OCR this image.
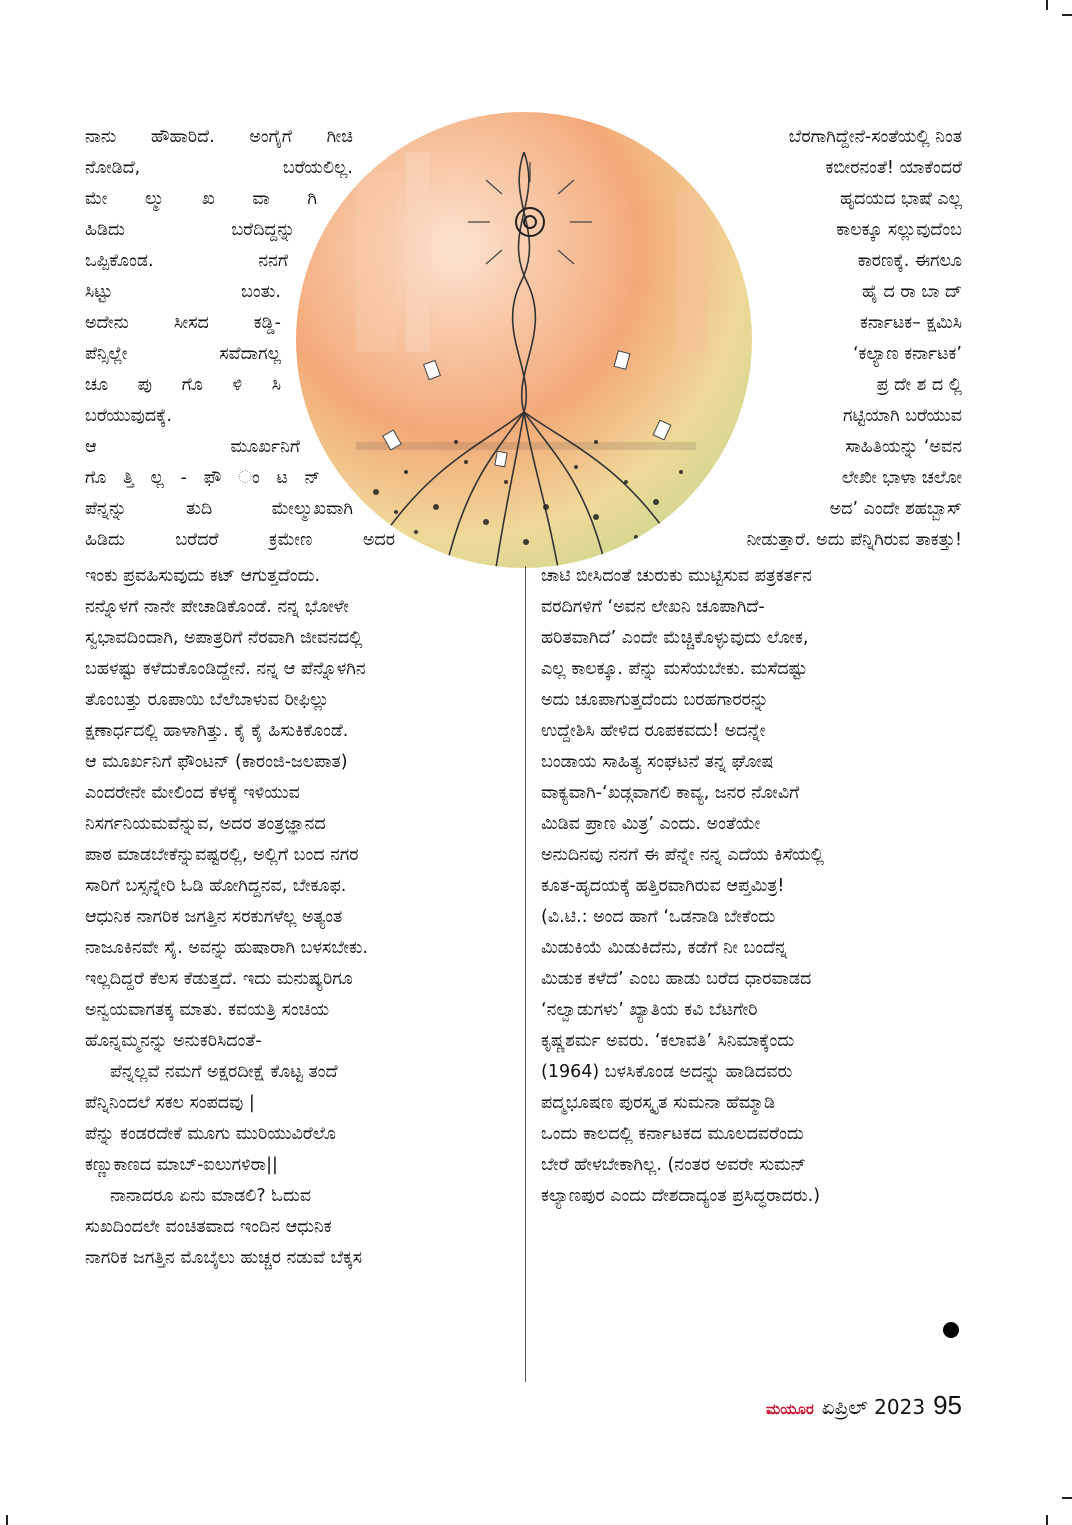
ನಾನು ಹೌಹಾರಿದೆ. ಅಂಗೈಗೆ ಗೀಚಿ
ನೋಡಿದೆ,	ಬರೆಯಲಿಲ್ಲ.
ಮೇ ಲ್ಮು ಖ ವಾ ಗಿ
ಹಿಡಿದು	ಬರೆದಿದ್ದನ್ನು
ಒಪ್ಪಿಕೊಂಡ.	ನನಗೆ
ಸಿಟ್ಟು	ಬಂತು.
ಅದೇನು	ಸೀಸದ	ಕಡ್ಡಿ-
ಪೆನ್ಸಿಲ್ಲೇ	ಸವೆದಾಗಲ್ಲ
ಚೂ ಪು ಗೊ ಳಿ ಸಿ
ಬರೆಯುವುದಕ್ಕೆ.
ಆ	ಮೂರ್ಖನಿಗೆ
ಗೊ ತ್ತಿ ಲ್ಲ - ಫೌ ಂ ಟ ನ್
ಪೆನ್ನನ್ನು	ತುದಿ	ಮೇಲ್ಮುಖವಾಗಿ
ಹಿಡಿದು	ಬರೆದರೆ	ಕ್ರಮೇಣ	ಅದರ
ಇಂಕು ಪ್ರವಹಿಸುವುದು ಕಟ್ ಆಗುತ್ತದೆಂದು.
ನನ್ನೊಳಗೆ ನಾನೇ ಪೇಚಾಡಿಕೊಂಡೆ. ನನ್ನ ಭೋಳೇ
ಸ್ವಭಾವದಿಂದಾಗಿ, ಅಪಾತ್ರರಿಗೆ ನೆರವಾಗಿ ಜೀವನದಲ್ಲಿ
ಬಹಳಷ್ಟು ಕಳೆದುಕೊಂಡಿದ್ದೇನೆ. ನನ್ನ ಆ ಪೆನ್ನೊಳಗಿನ
ತೊಂಬತ್ತು ರೂಪಾಯಿ ಬೆಲೆಬಾಳುವ ರೀಫಿಲ್ಲು
ಕ್ಷಣಾರ್ಧದಲ್ಲಿ ಹಾಳಾಗಿತ್ತು. ಕೈ ಕೈ ಹಿಸುಕಿಕೊಂಡೆ.
ಆ ಮೂರ್ಖನಿಗೆ ಫೌಂಟನ್ (ಕಾರಂಜಿ-ಜಲಪಾತ)
ಎಂದರೇನೇ ಮೇಲಿಂದ ಕೆಳಕ್ಕೆ ಇಳಿಯುವ
ನಿಸರ್ಗನಿಯಮವೆನ್ನುವ, ಅದರ ತಂತ್ರಜ್ಞಾನದ
ಪಾಠ ಮಾಡಬೇಕೆನ್ನುವಷ್ಟರಲ್ಲಿ, ಅಲ್ಲಿಗೆ ಬಂದ ನಗರ
ಸಾರಿಗೆ ಬಸ್ಸನ್ನೇರಿ ಓಡಿ ಹೋಗಿದ್ದನವ, ಬೇಕೂಫ.
ಆಧುನಿಕ ನಾಗರಿಕ ಜಗತ್ತಿನ ಸರಕುಗಳೆಲ್ಲ ಅತ್ಯಂತ
ನಾಜೂಕಿನವೇ ಸೈ. ಅವನ್ನು ಹುಷಾರಾಗಿ ಬಳಸಬೇಕು.
ಇಲ್ಲದಿದ್ದರೆ ಕೆಲಸ ಕೆಡುತ್ತದೆ. ಇದು ಮನುಷ್ಯರಿಗೂ
ಅನ್ವಯವಾಗತಕ್ಕ ಮಾತು. ಕವಯತ್ರಿ ಸಂಚಿಯ
ಹೊನ್ನಮ್ಮನನ್ನು ಅನುಕರಿಸಿದಂತೆ-
ಪೆನ್ನಲ್ಲವೆ ನಮಗೆ ಅಕ್ಷರದೀಕ್ಷೆ ಕೊಟ್ಟ ತಂದೆ
ಪೆನ್ನಿನಿಂದಲೆ ಸಕಲ ಸಂಪದವು |
ಪೆನ್ನು ಕಂಡರದೇಕೆ ಮೂಗು ಮುರಿಯುವಿರೆಲೊ
ಕಣ್ಣುಕಾಣದ ಮಾಬ್-ಐಲುಗಳಿರಾ||
ನಾನಾದರೂ ಏನು ಮಾಡಲಿ? ಓದುವ
ಸುಖದಿಂದಲೇ ವಂಚಿತವಾದ ಇಂದಿನ ಆಧುನಿಕ
ನಾಗರಿಕ ಜಗತ್ತಿನ ಮೊಬೈಲು ಹುಚ್ಚರ ನಡುವೆ ಬೆಕ್ಕಸ
ಬೆರಗಾಗಿದ್ದೇನೆ-ಸಂತೆಯಲ್ಲಿ ನಿಂತ
ಕಬೀರನಂತೆ! ಯಾಕೆಂದರೆ
ಹೃದಯದ ಭಾಷೆ ಎಲ್ಲ
ಕಾಲಕ್ಕೂ ಸಲ್ಲುವುದೆಂಬ
ಕಾರಣಕ್ಕೆ. ಈಗಲೂ
ಹೈ ದ ರಾ ಬಾ ದ್
ಕರ್ನಾಟಕ– ಕ್ಷಮಿಸಿ
‘ಕಲ್ಯಾಣ ಕರ್ನಾಟಕ’
ಪ್ರ ದೇ ಶ ದ ಲ್ಲಿ
ಗಟ್ಟಿಯಾಗಿ ಬರೆಯುವ
ಸಾಹಿತಿಯನ್ನು ‘ಅವನ
ಲೇಖೀ ಭಾಳಾ ಚಲೋ
ಅದ’ ಎಂದೇ ಶಹಬ್ಬಾಸ್
ನೀಡುತ್ತಾರೆ. ಅದು ಪೆನ್ನಿಗಿರುವ ತಾಕತ್ತು!
ಚಾಟಿ ಬೀಸಿದಂತೆ ಚುರುಕು ಮುಟ್ಟಿಸುವ ಪತ್ರಕರ್ತನ
ವರದಿಗಳಿಗೆ ‘ಅವನ ಲೇಖನಿ ಚೂಪಾಗಿದೆ-
ಹರಿತವಾಗಿದೆ’ ಎಂದೇ ಮೆಚ್ಚಿಕೊಳ್ಳುವುದು ಲೋಕ,
ಎಲ್ಲ ಕಾಲಕ್ಕೂ. ಪೆನ್ನು ಮಸೆಯಬೇಕು. ಮಸೆದಷ್ಟು
ಅದು ಚೂಪಾಗುತ್ತದೆಂದು ಬರಹಗಾರರನ್ನು
ಉದ್ದೇಶಿಸಿ ಹೇಳಿದ ರೂಪಕವದು! ಅದನ್ನೇ
ಬಂಡಾಯ ಸಾಹಿತ್ಯ ಸಂಘಟನೆ ತನ್ನ ಘೋಷ
ವಾಕ್ಯವಾಗಿ-‘ಖಡ್ಗವಾಗಲಿ ಕಾವ್ಯ, ಜನರ ನೋವಿಗೆ
ಮಿಡಿವ ಪ್ರಾಣ ಮಿತ್ರ’ ಎಂದು. ಅಂತೆಯೇ
ಅನುದಿನವು ನನಗೆ ಈ ಪೆನ್ನೇ ನನ್ನ ಎದೆಯ ಕಿಸೆಯಲ್ಲಿ
ಕೂತ-ಹೃದಯಕ್ಕೆ ಹತ್ತಿರವಾಗಿರುವ ಆಪ್ತಮಿತ್ರ!
(ವಿ.ಟಿ.: ಅಂದ ಹಾಗೆ ‘ಒಡನಾಡಿ ಬೇಕೆಂದು
ಮಿಡುಕಿಯೆ ಮಿಡುಕಿದೆನು, ಕಡೆಗೆ ನೀ ಬಂದೆನ್ನ
ಮಿಡುಕ ಕಳೆದೆ’ ಎಂಬ ಹಾಡು ಬರೆದ ಧಾರವಾಡದ
‘ನಲ್ವಾಡುಗಳು’ ಖ್ಯಾತಿಯ ಕವಿ ಬೆಟಗೇರಿ
ಕೃಷ್ಣಶರ್ಮ ಅವರು. ‘ಕಲಾವತಿ’ ಸಿನಿಮಾಕ್ಕೆಂದು
(1964) ಬಳಸಿಕೊಂಡ ಅದನ್ನು ಹಾಡಿದವರು
ಪದ್ಮಭೂಷಣ ಪುರಸ್ಕೃತ ಸುಮನಾ ಹೆಮ್ಮಾಡಿ
ಒಂದು ಕಾಲದಲ್ಲಿ ಕರ್ನಾಟಕದ ಮೂಲದವರೆಂದು
ಬೇರೆ ಹೇಳಬೇಕಾಗಿಲ್ಲ. (ನಂತರ ಅವರೇ ಸುಮನ್
ಕಲ್ಯಾಣಪುರ ಎಂದು ದೇಶದಾದ್ಯಂತ ಪ್ರಸಿದ್ಧರಾದರು.)
ಮಯೂರ ಏಪ್ರಿಲ್ 2023 95
